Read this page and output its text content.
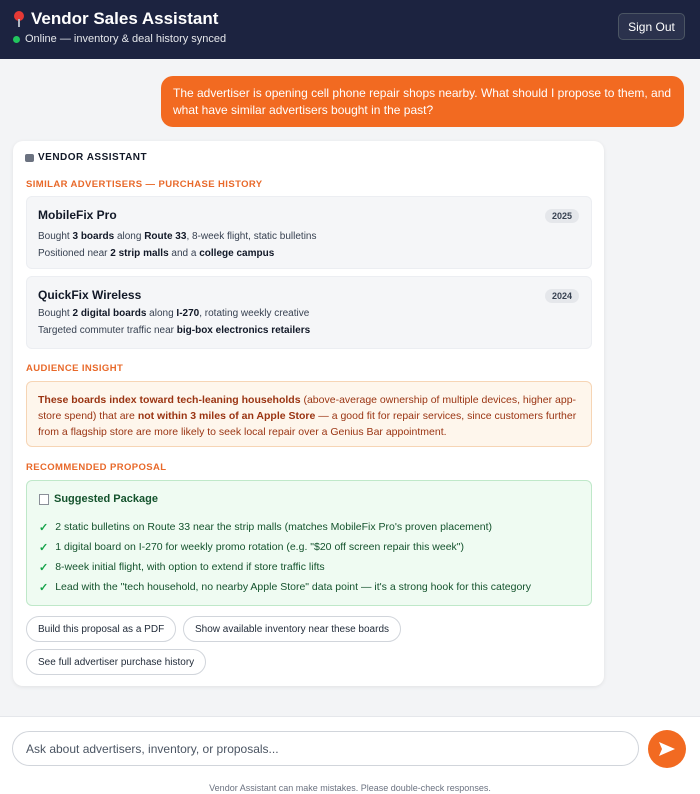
Vendor Sales Assistant
Online — inventory & deal history synced
Sign Out
The advertiser is opening cell phone repair shops nearby. What should I propose to them, and what have similar advertisers bought in the past?
VENDOR ASSISTANT
SIMILAR ADVERTISERS — PURCHASE HISTORY
MobileFix Pro	2025
Bought 3 boards along Route 33, 8-week flight, static bulletins
Positioned near 2 strip malls and a college campus
QuickFix Wireless	2024
Bought 2 digital boards along I-270, rotating weekly creative
Targeted commuter traffic near big-box electronics retailers
AUDIENCE INSIGHT
These boards index toward tech-leaning households (above-average ownership of multiple devices, higher app-store spend) that are not within 3 miles of an Apple Store — a good fit for repair services, since customers further from a flagship store are more likely to seek local repair over a Genius Bar appointment.
RECOMMENDED PROPOSAL
Suggested Package
✓ 2 static bulletins on Route 33 near the strip malls (matches MobileFix Pro's proven placement)
✓ 1 digital board on I-270 for weekly promo rotation (e.g. "$20 off screen repair this week")
✓ 8-week initial flight, with option to extend if store traffic lifts
✓ Lead with the "tech household, no nearby Apple Store" data point — it's a strong hook for this category
Build this proposal as a PDF	Show available inventory near these boards
See full advertiser purchase history
Ask about advertisers, inventory, or proposals...
Vendor Assistant can make mistakes. Please double-check responses.
